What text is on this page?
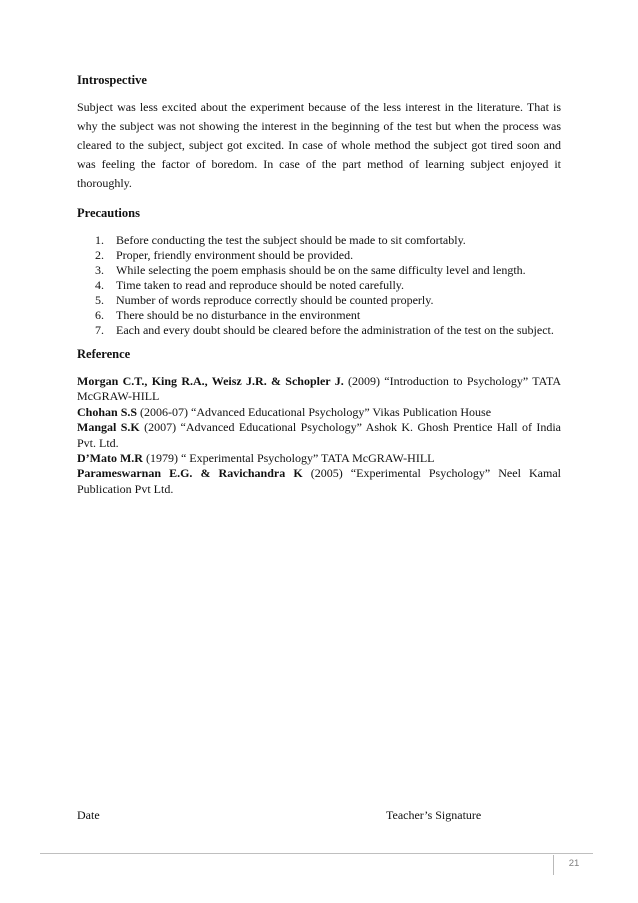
Introspective

Subject was less excited about the experiment because of the less interest in the literature. That is why the subject was not showing the interest in the beginning of the test but when the process was cleared to the subject, subject got excited. In case of whole method the subject got tired soon and was feeling the factor of boredom. In case of the part method of learning subject enjoyed it thoroughly.

Precautions

1. Before conducting the test the subject should be made to sit comfortably.
2. Proper, friendly environment should be provided.
3. While selecting the poem emphasis should be on the same difficulty level and length.
4. Time taken to read and reproduce should be noted carefully.
5. Number of words reproduce correctly should be counted properly.
6. There should be no disturbance in the environment
7. Each and every doubt should be cleared before the administration of the test on the subject.

Reference

Morgan C.T., King R.A., Weisz J.R. & Schopler J. (2009) “Introduction to Psychology” TATA McGRAW-HILL

Chohan S.S (2006-07) “Advanced Educational Psychology” Vikas Publication House

Mangal S.K (2007) “Advanced Educational Psychology” Ashok K. Ghosh Prentice Hall of India Pvt. Ltd.

D’Mato M.R (1979) “ Experimental Psychology” TATA McGRAW-HILL

Parameswarnan E.G. & Ravichandra K (2005) “Experimental Psychology” Neel Kamal Publication Pvt Ltd.

Date	Teacher’s Signature
21
